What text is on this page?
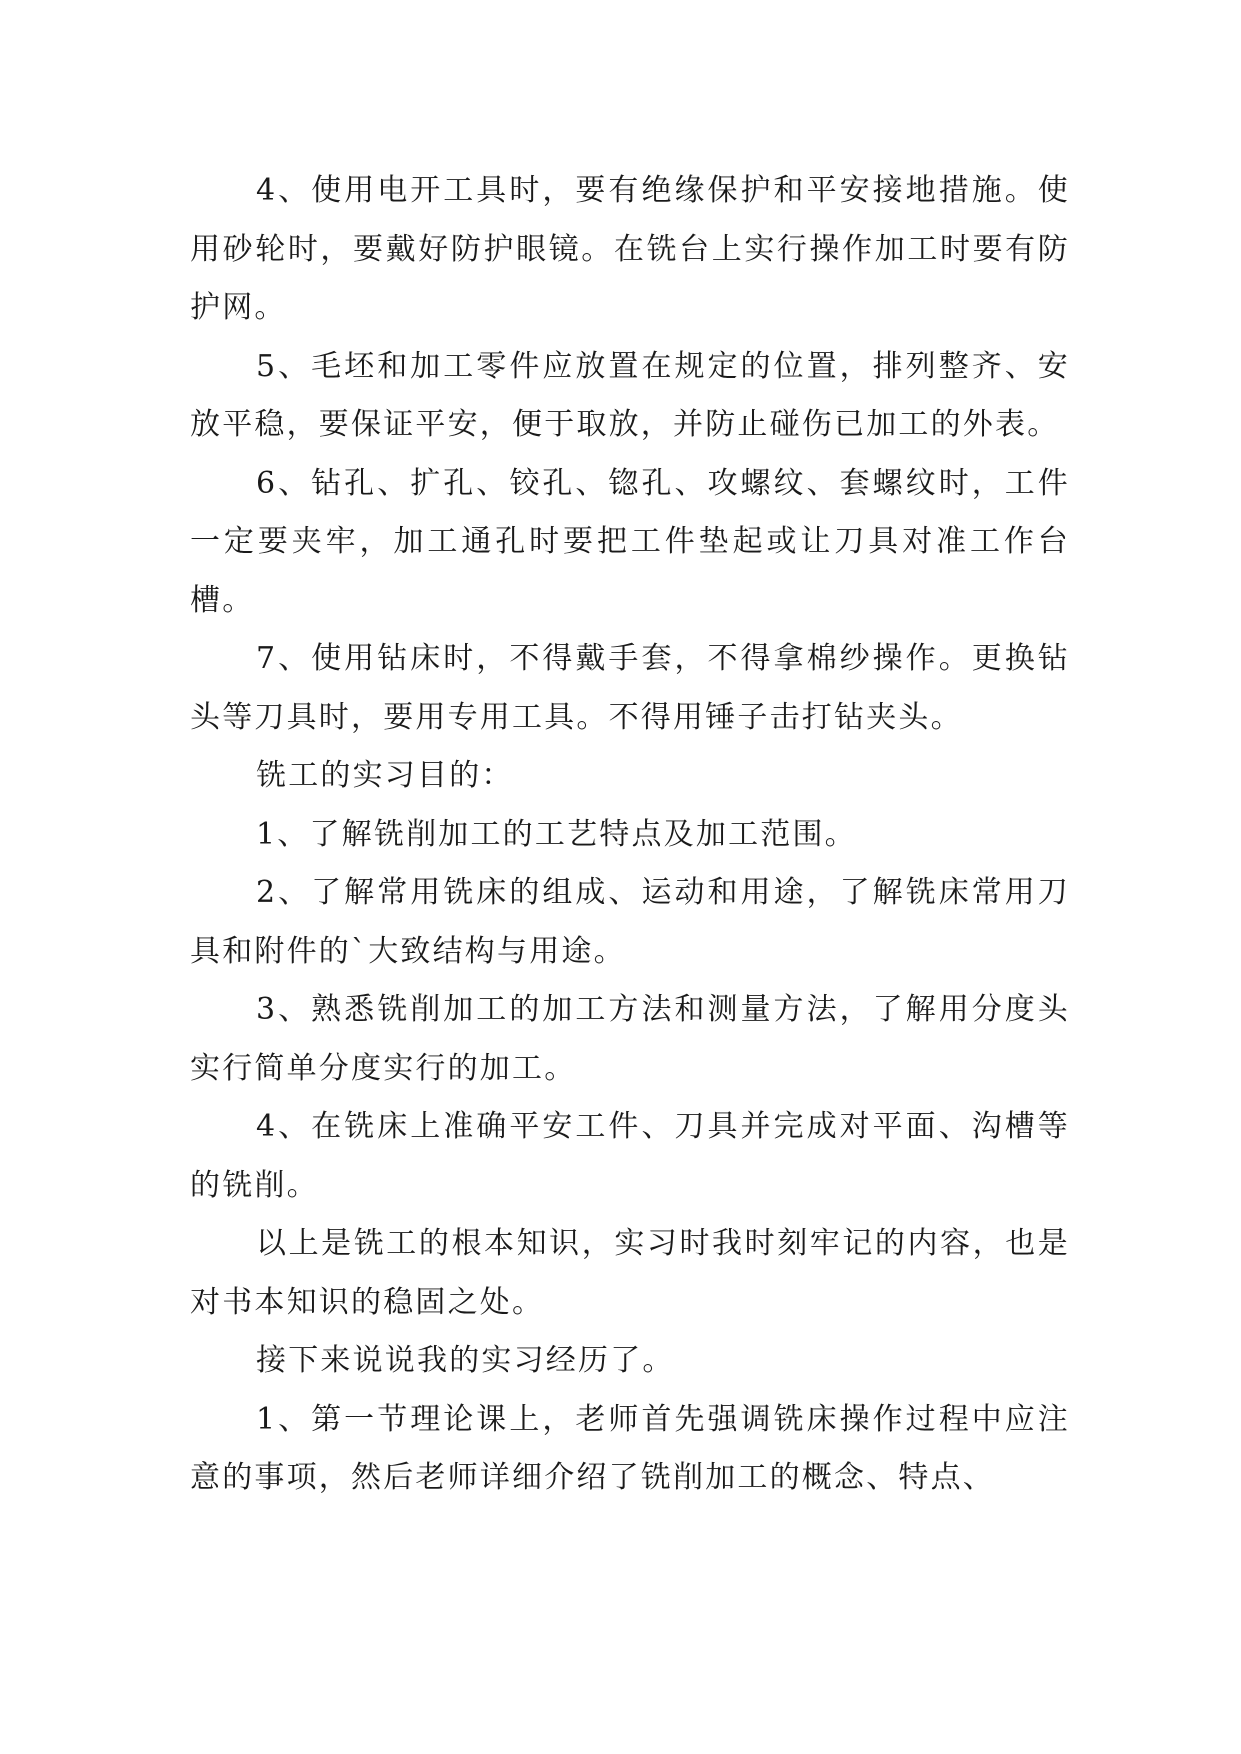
4、使用电开工具时，要有绝缘保护和平安接地措施。使用砂轮时，要戴好防护眼镜。在铣台上实行操作加工时要有防护网。

5、毛坯和加工零件应放置在规定的位置，排列整齐、安放平稳，要保证平安，便于取放，并防止碰伤已加工的外表。

6、钻孔、扩孔、铰孔、锪孔、攻螺纹、套螺纹时，工件一定要夹牢，加工通孔时要把工件垫起或让刀具对准工作台槽。

7、使用钻床时，不得戴手套，不得拿棉纱操作。更换钻头等刀具时，要用专用工具。不得用锤子击打钻夹头。

铣工的实习目的：

1、了解铣削加工的工艺特点及加工范围。

2、了解常用铣床的组成、运动和用途，了解铣床常用刀具和附件的`大致结构与用途。

3、熟悉铣削加工的加工方法和测量方法，了解用分度头实行简单分度实行的加工。

4、在铣床上准确平安工件、刀具并完成对平面、沟槽等的铣削。

以上是铣工的根本知识，实习时我时刻牢记的内容，也是对书本知识的稳固之处。

接下来说说我的实习经历了。

1、第一节理论课上，老师首先强调铣床操作过程中应注意的事项，然后老师详细介绍了铣削加工的概念、特点、
